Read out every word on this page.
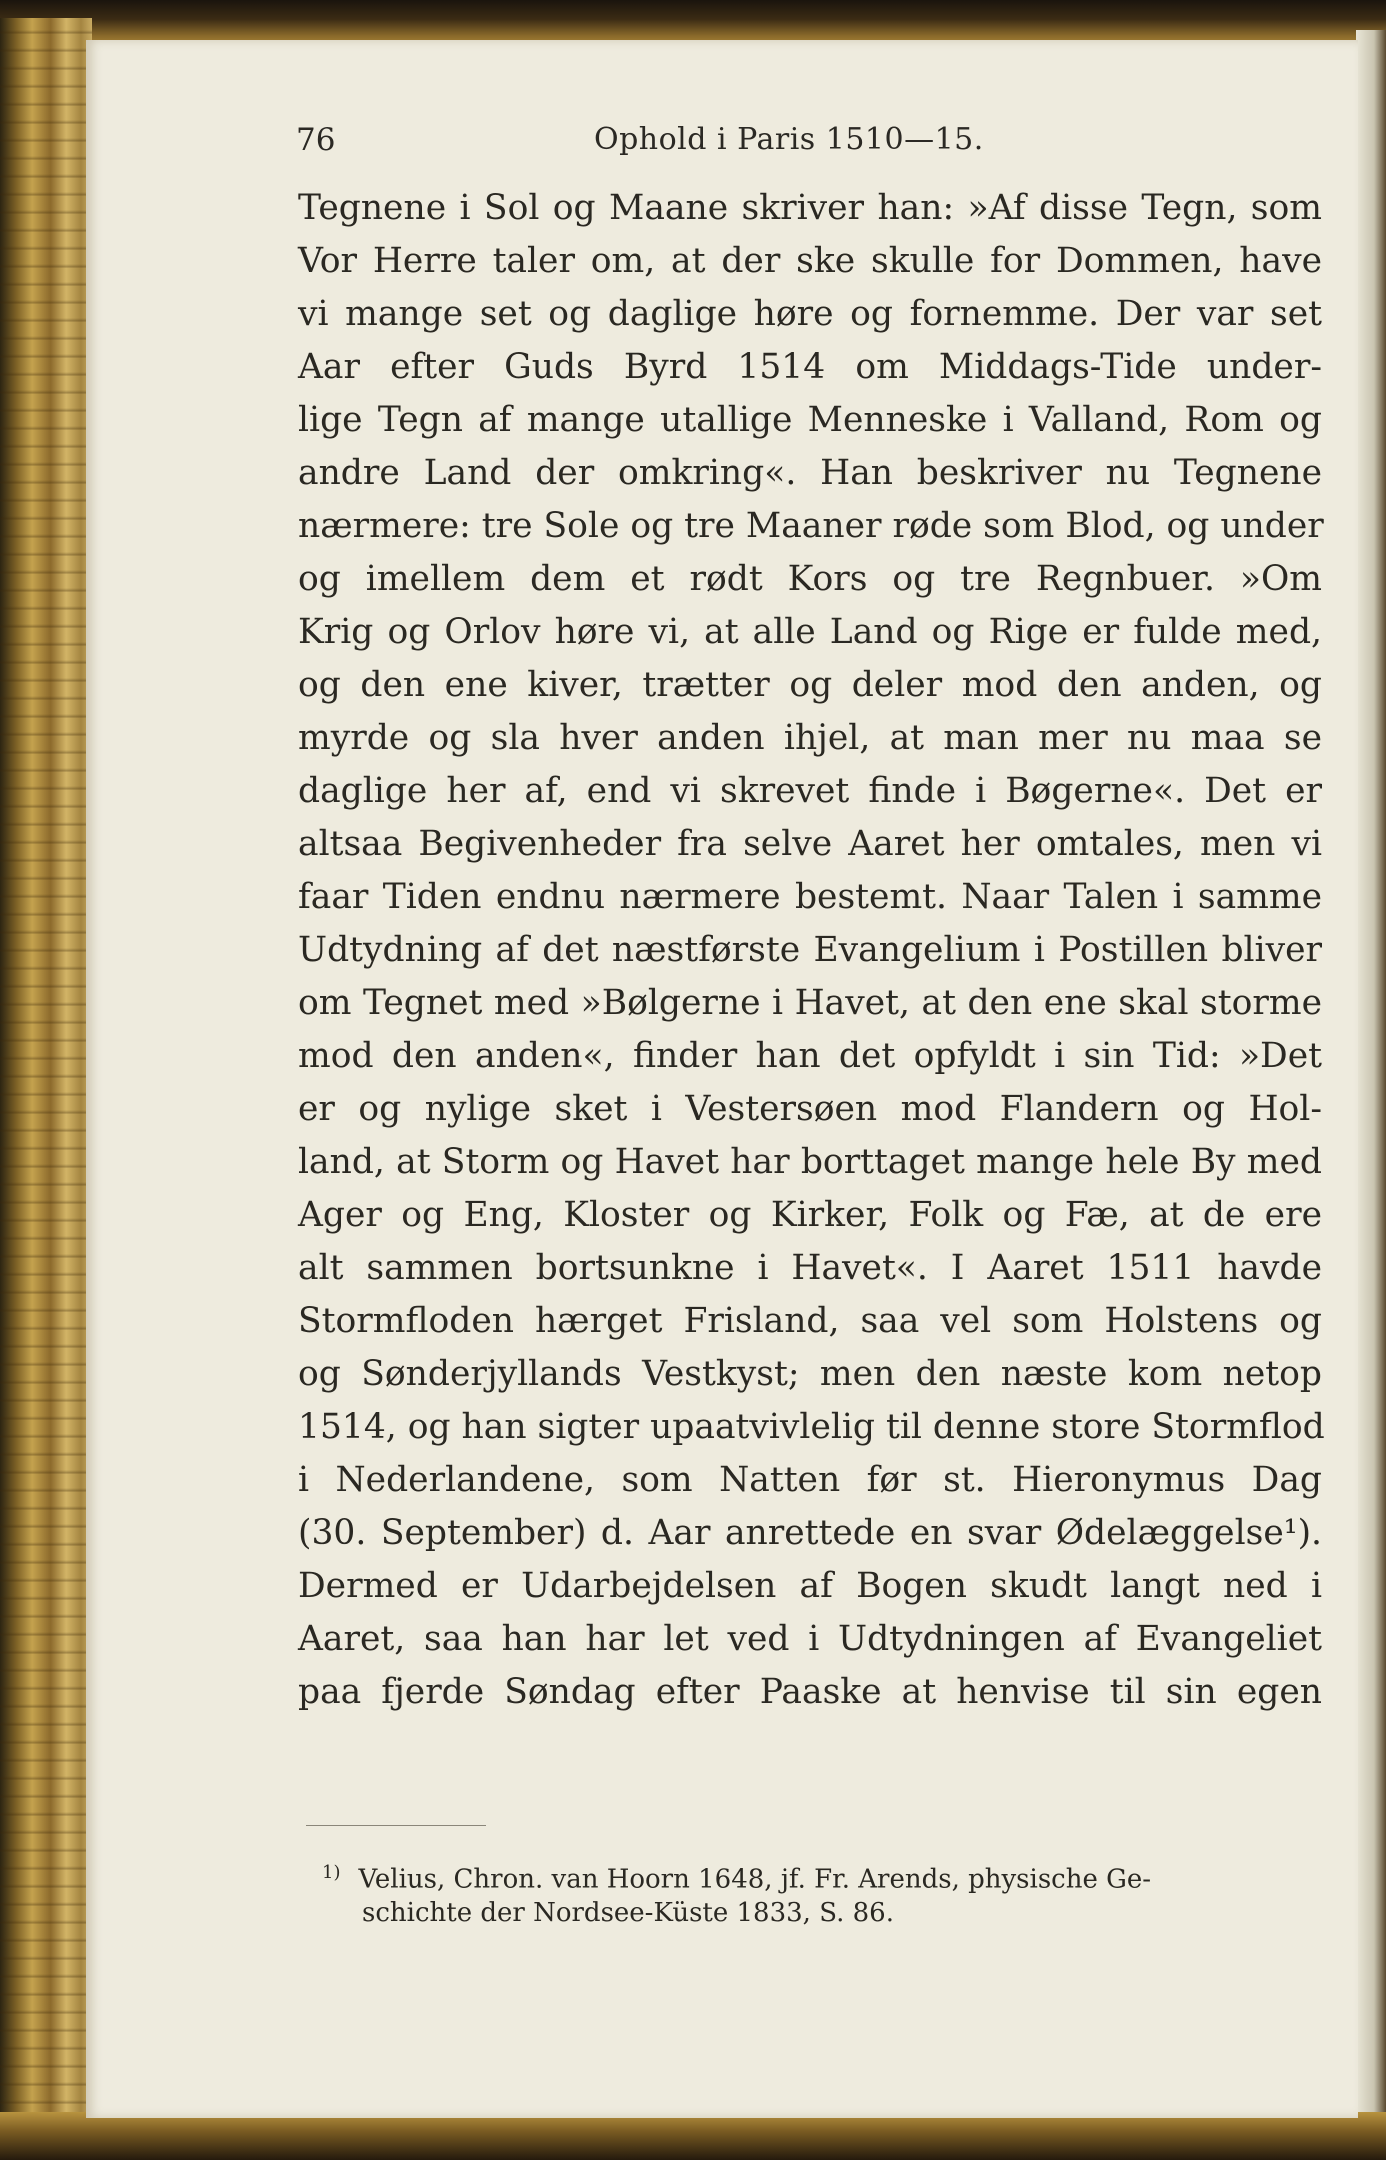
76	Ophold i Paris 1510—15.
Tegnene i Sol og Maane skriver han: »Af disse Tegn, som
Vor Herre taler om, at der ske skulle for Dommen, have
vi mange set og daglige høre og fornemme. Der var set
Aar efter Guds Byrd 1514 om Middags-Tide under-
lige Tegn af mange utallige Menneske i Valland, Rom og
andre Land der omkring«. Han beskriver nu Tegnene
nærmere: tre Sole og tre Maaner røde som Blod, og under
og imellem dem et rødt Kors og tre Regnbuer. »Om
Krig og Orlov høre vi, at alle Land og Rige er fulde med,
og den ene kiver, trætter og deler mod den anden, og
myrde og sla hver anden ihjel, at man mer nu maa se
daglige her af, end vi skrevet finde i Bøgerne«. Det er
altsaa Begivenheder fra selve Aaret her omtales, men vi
faar Tiden endnu nærmere bestemt. Naar Talen i samme
Udtydning af det næstførste Evangelium i Postillen bliver
om Tegnet med »Bølgerne i Havet, at den ene skal storme
mod den anden«, finder han det opfyldt i sin Tid: »Det
er og nylige sket i Vestersøen mod Flandern og Hol-
land, at Storm og Havet har borttaget mange hele By med
Ager og Eng, Kloster og Kirker, Folk og Fæ, at de ere
alt sammen bortsunkne i Havet«. I Aaret 1511 havde
Stormfloden hærget Frisland, saa vel som Holstens og
og Sønderjyllands Vestkyst; men den næste kom netop
1514, og han sigter upaatvivlelig til denne store Stormflod
i Nederlandene, som Natten før st. Hieronymus Dag
(30. September) d. Aar anrettede en svar Ødelæggelse¹).
Dermed er Udarbejdelsen af Bogen skudt langt ned i
Aaret, saa han har let ved i Udtydningen af Evangeliet
paa fjerde Søndag efter Paaske at henvise til sin egen
$^{1)}$ Velius, Chron. van Hoorn 1648, jf. Fr. Arends, physische Ge-
schichte der Nordsee-Küste 1833, S. 86.
